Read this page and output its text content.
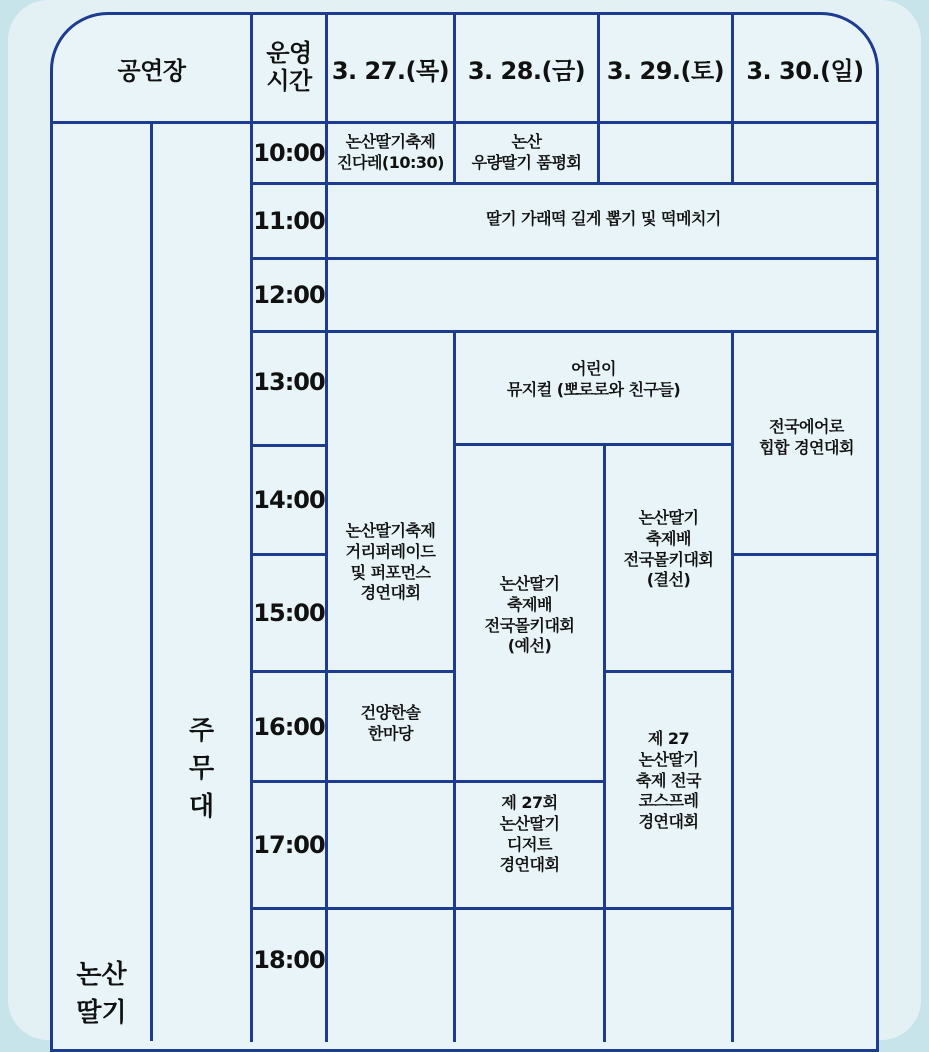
공연장
운영
시간 3. 27.(목) 3. 28.(금) 3. 29.(토) 3. 30.(일)
논산
딸기
주
무
대
10:00
11:00
12:00
13:00
14:00
15:00
16:00
17:00
18:00
논산딸기축제
진다레(10:30)
논산
우량딸기 품평회
딸기 가래떡 길게 뽑기 및 떡메치기
어린이
뮤지컬 (뽀로로와 친구들)
전국에어로
힙합 경연대회
논산딸기축제
거리퍼레이드
및 퍼포먼스
경연대회
논산딸기
축제배
전국몰키대회
(결선)
논산딸기
축제배
전국몰키대회
(예선)
건양한솔
한마당	제 27
논산딸기
축제 전국
코스프레
경연대회
제 27회
논산딸기
디저트
경연대회
